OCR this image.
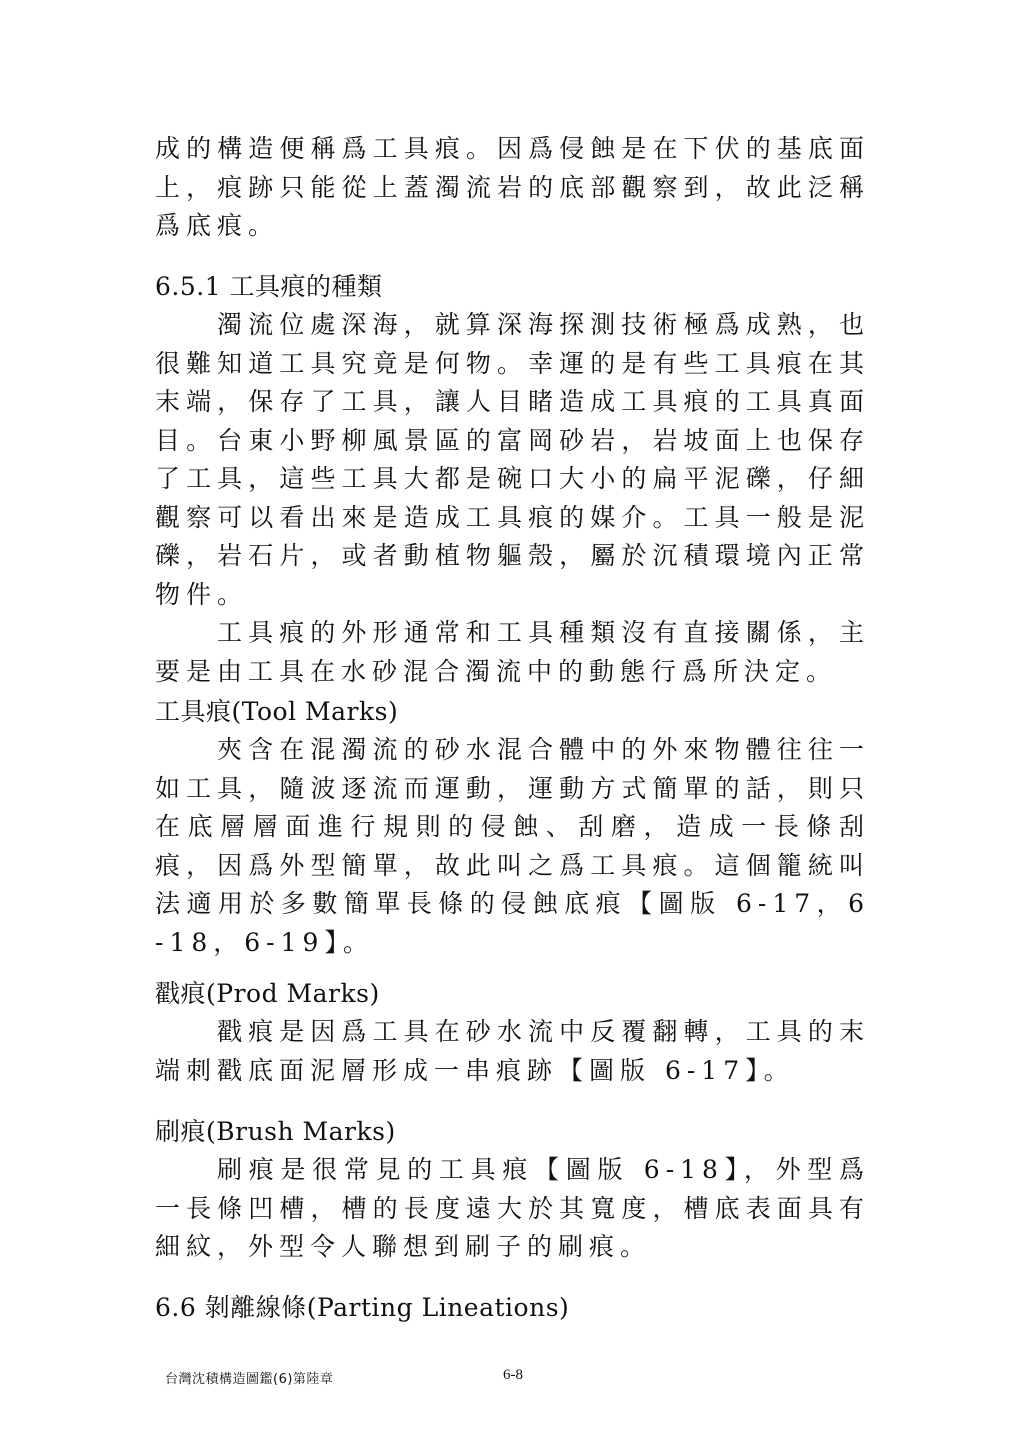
成的構造便稱爲工具痕。因爲侵蝕是在下伏的基底面上，痕跡只能從上蓋濁流岩的底部觀察到，故此泛稱爲底痕。

6.5.1 工具痕的種類

濁流位處深海，就算深海探測技術極爲成熟，也很難知道工具究竟是何物。幸運的是有些工具痕在其末端，保存了工具，讓人目睹造成工具痕的工具真面目。台東小野柳風景區的富岡砂岩，岩坡面上也保存了工具，這些工具大都是碗口大小的扁平泥礫，仔細觀察可以看出來是造成工具痕的媒介。工具一般是泥礫，岩石片，或者動植物軀殼，屬於沉積環境內正常物件。

工具痕的外形通常和工具種類沒有直接關係，主要是由工具在水砂混合濁流中的動態行爲所決定。

工具痕(Tool Marks)

夾含在混濁流的砂水混合體中的外來物體往往一如工具，隨波逐流而運動，運動方式簡單的話，則只在底層層面進行規則的侵蝕、刮磨，造成一長條刮痕，因爲外型簡單，故此叫之爲工具痕。這個籠統叫法適用於多數簡單長條的侵蝕底痕【圖版 6-17，6-18，6-19】。

戳痕(Prod Marks)

戳痕是因爲工具在砂水流中反覆翻轉，工具的末端刺戳底面泥層形成一串痕跡【圖版 6-17】。

刷痕(Brush Marks)

刷痕是很常見的工具痕【圖版 6-18】，外型爲一長條凹槽，槽的長度遠大於其寬度，槽底表面具有細紋，外型令人聯想到刷子的刷痕。

6.6 剝離線條(Parting Lineations)

台灣沈積構造圖鑑(6)第陸章	6-8
